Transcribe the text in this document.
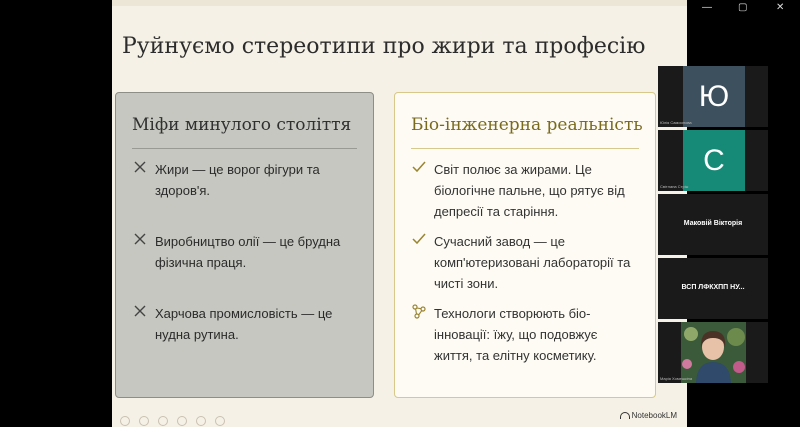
—	▢	✕
Руйнуємо стереотипи про жири та професію
Міфи минулого століття
Жири — це ворог фігури та здоров'я.
Виробництво олії — це брудна фізична праця.
Харчова промисловість — це нудна рутина.
Біо-інженерна реальність
Світ полює за жирами. Це біологічне пальне, що рятує від депресії та старіння.
Сучасний завод — це комп'ютеризовані лабораторії та чисті зони.
Технологи створюють біо-інновації: їжу, що подовжує життя, та елітну косметику.
NotebookLM
Ю
Юлія Самоилова
С
Світлана Стріж
Маковій Вікторія
ВСП ЛФКХПП НУ...
Марія Хомешкіна
